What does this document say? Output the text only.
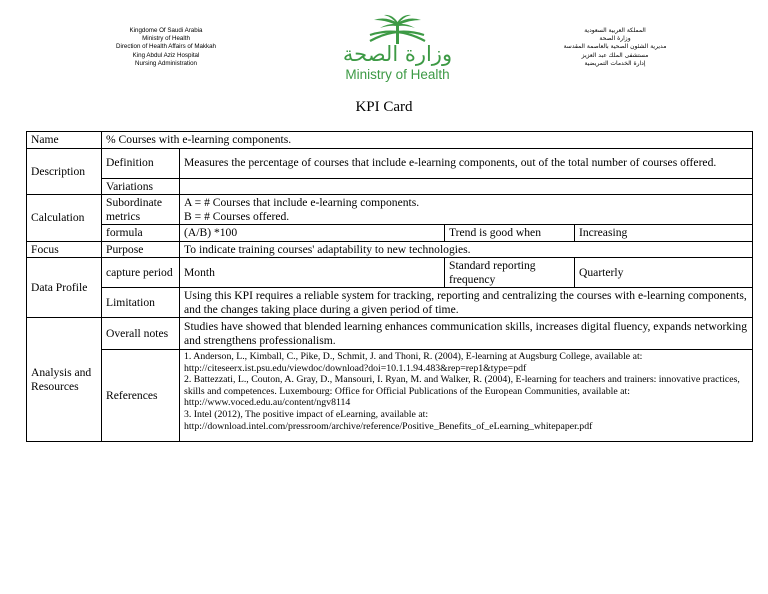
Kingdome Of Saudi Arabia
Ministry of Health
Direction of Health Affairs of Makkah
King Abdul Aziz Hospital
Nursing Administration	وزارة الصحة
Ministry of Health
المملكة العربية السعودية
وزارة الصحة
مديرية الشئون الصحية بالعاصمة المقدسة
مستشفى الملك عبد العزيز
إدارة الخدمات التمريضية
KPI Card
Name	% Courses with e-learning components.			
Description	Definition	Measures the percentage of courses that include e-learning components, out of the total number of courses offered.		
	Variations			
Calculation	Subordinate metrics	A = # Courses that include e-learning components.
B = # Courses offered.		
	formula	(A/B) *100	Trend is good when	Increasing
Focus	Purpose	To indicate training courses' adaptability to new technologies.		
Data Profile	capture period	Month	Standard reporting frequency	Quarterly
	Limitation	Using this KPI requires a reliable system for tracking, reporting and centralizing the courses with e-learning components, and the changes taking place during a given period of time.		
Analysis and Resources	Overall notes	Studies have showed that blended learning enhances communication skills, increases digital fluency, expands networking and strengthens professionalism.		
	References	1. Anderson, L., Kimball, C., Pike, D., Schmit, J. and Thoni, R. (2004), E-learning at Augsburg College, available at: http://citeseerx.ist.psu.edu/viewdoc/download?doi=10.1.1.94.483&rep=rep1&type=pdf
2. Battezzati, L., Couton, A. Gray, D., Mansouri, I. Ryan, M. and Walker, R. (2004), E-learning for teachers and trainers: innovative practices, skills and competences. Luxembourg: Office for Official Publications of the European Communities, available at: http://www.voced.edu.au/content/ngv8114
3. Intel (2012), The positive impact of eLearning, available at: http://download.intel.com/pressroom/archive/reference/Positive_Benefits_of_eLearning_whitepaper.pdf		
